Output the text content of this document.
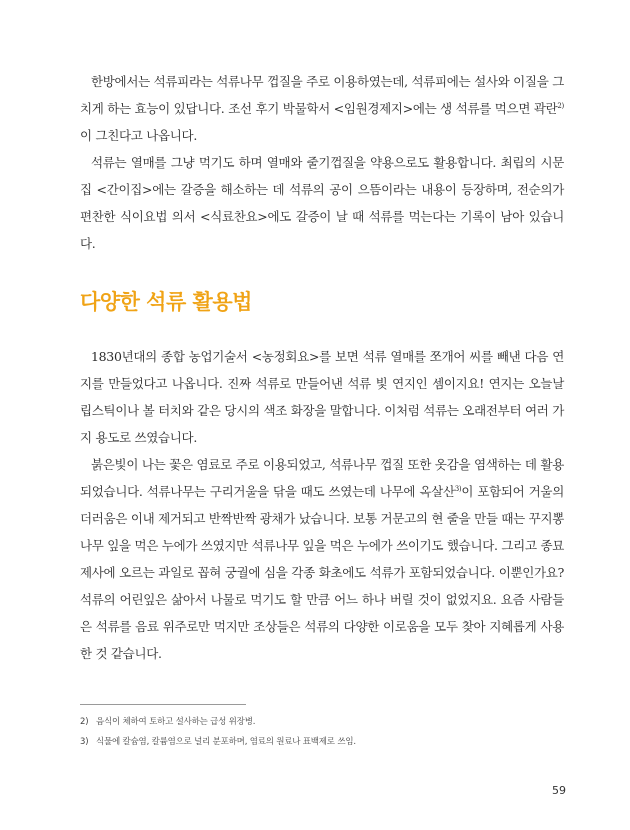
한방에서는 석류피라는 석류나무 껍질을 주로 이용하였는데, 석류피에는 설사와 이질을 그치게 하는 효능이 있답니다. 조선 후기 박물학서 <임원경제지>에는 생 석류를 먹으면 곽란$^{2)}$이 그친다고 나옵니다.

석류는 열매를 그냥 먹기도 하며 열매와 줄기껍질을 약용으로도 활용합니다. 최립의 시문집 <간이집>에는 갈증을 해소하는 데 석류의 공이 으뜸이라는 내용이 등장하며, 전순의가 편찬한 식이요법 의서 <식료찬요>에도 갈증이 날 때 석류를 먹는다는 기록이 남아 있습니다.

다양한 석류 활용법

1830년대의 종합 농업기술서 <농정회요>를 보면 석류 열매를 쪼개어 씨를 빼낸 다음 연지를 만들었다고 나옵니다. 진짜 석류로 만들어낸 석류 빛 연지인 셈이지요! 연지는 오늘날 립스틱이나 볼 터치와 같은 당시의 색조 화장을 말합니다. 이처럼 석류는 오래전부터 여러 가지 용도로 쓰였습니다.

붉은빛이 나는 꽃은 염료로 주로 이용되었고, 석류나무 껍질 또한 옷감을 염색하는 데 활용되었습니다. 석류나무는 구리거울을 닦을 때도 쓰였는데 나무에 옥살산$^{3)}$이 포함되어 거울의 더러움은 이내 제거되고 반짝반짝 광채가 났습니다. 보통 거문고의 현 줄을 만들 때는 꾸지뽕나무 잎을 먹은 누에가 쓰였지만 석류나무 잎을 먹은 누에가 쓰이기도 했습니다. 그리고 종묘 제사에 오르는 과일로 꼽혀 궁궐에 심을 각종 화초에도 석류가 포함되었습니다. 이뿐인가요? 석류의 어린잎은 삶아서 나물로 먹기도 할 만큼 어느 하나 버릴 것이 없었지요. 요즘 사람들은 석류를 음료 위주로만 먹지만 조상들은 석류의 다양한 이로움을 모두 찾아 지혜롭게 사용한 것 같습니다.

2) 음식이 체하여 토하고 설사하는 급성 위장병.

3) 식물에 칼슘염, 칼륨염으로 널리 분포하며, 염료의 원료나 표백제로 쓰임.

59
